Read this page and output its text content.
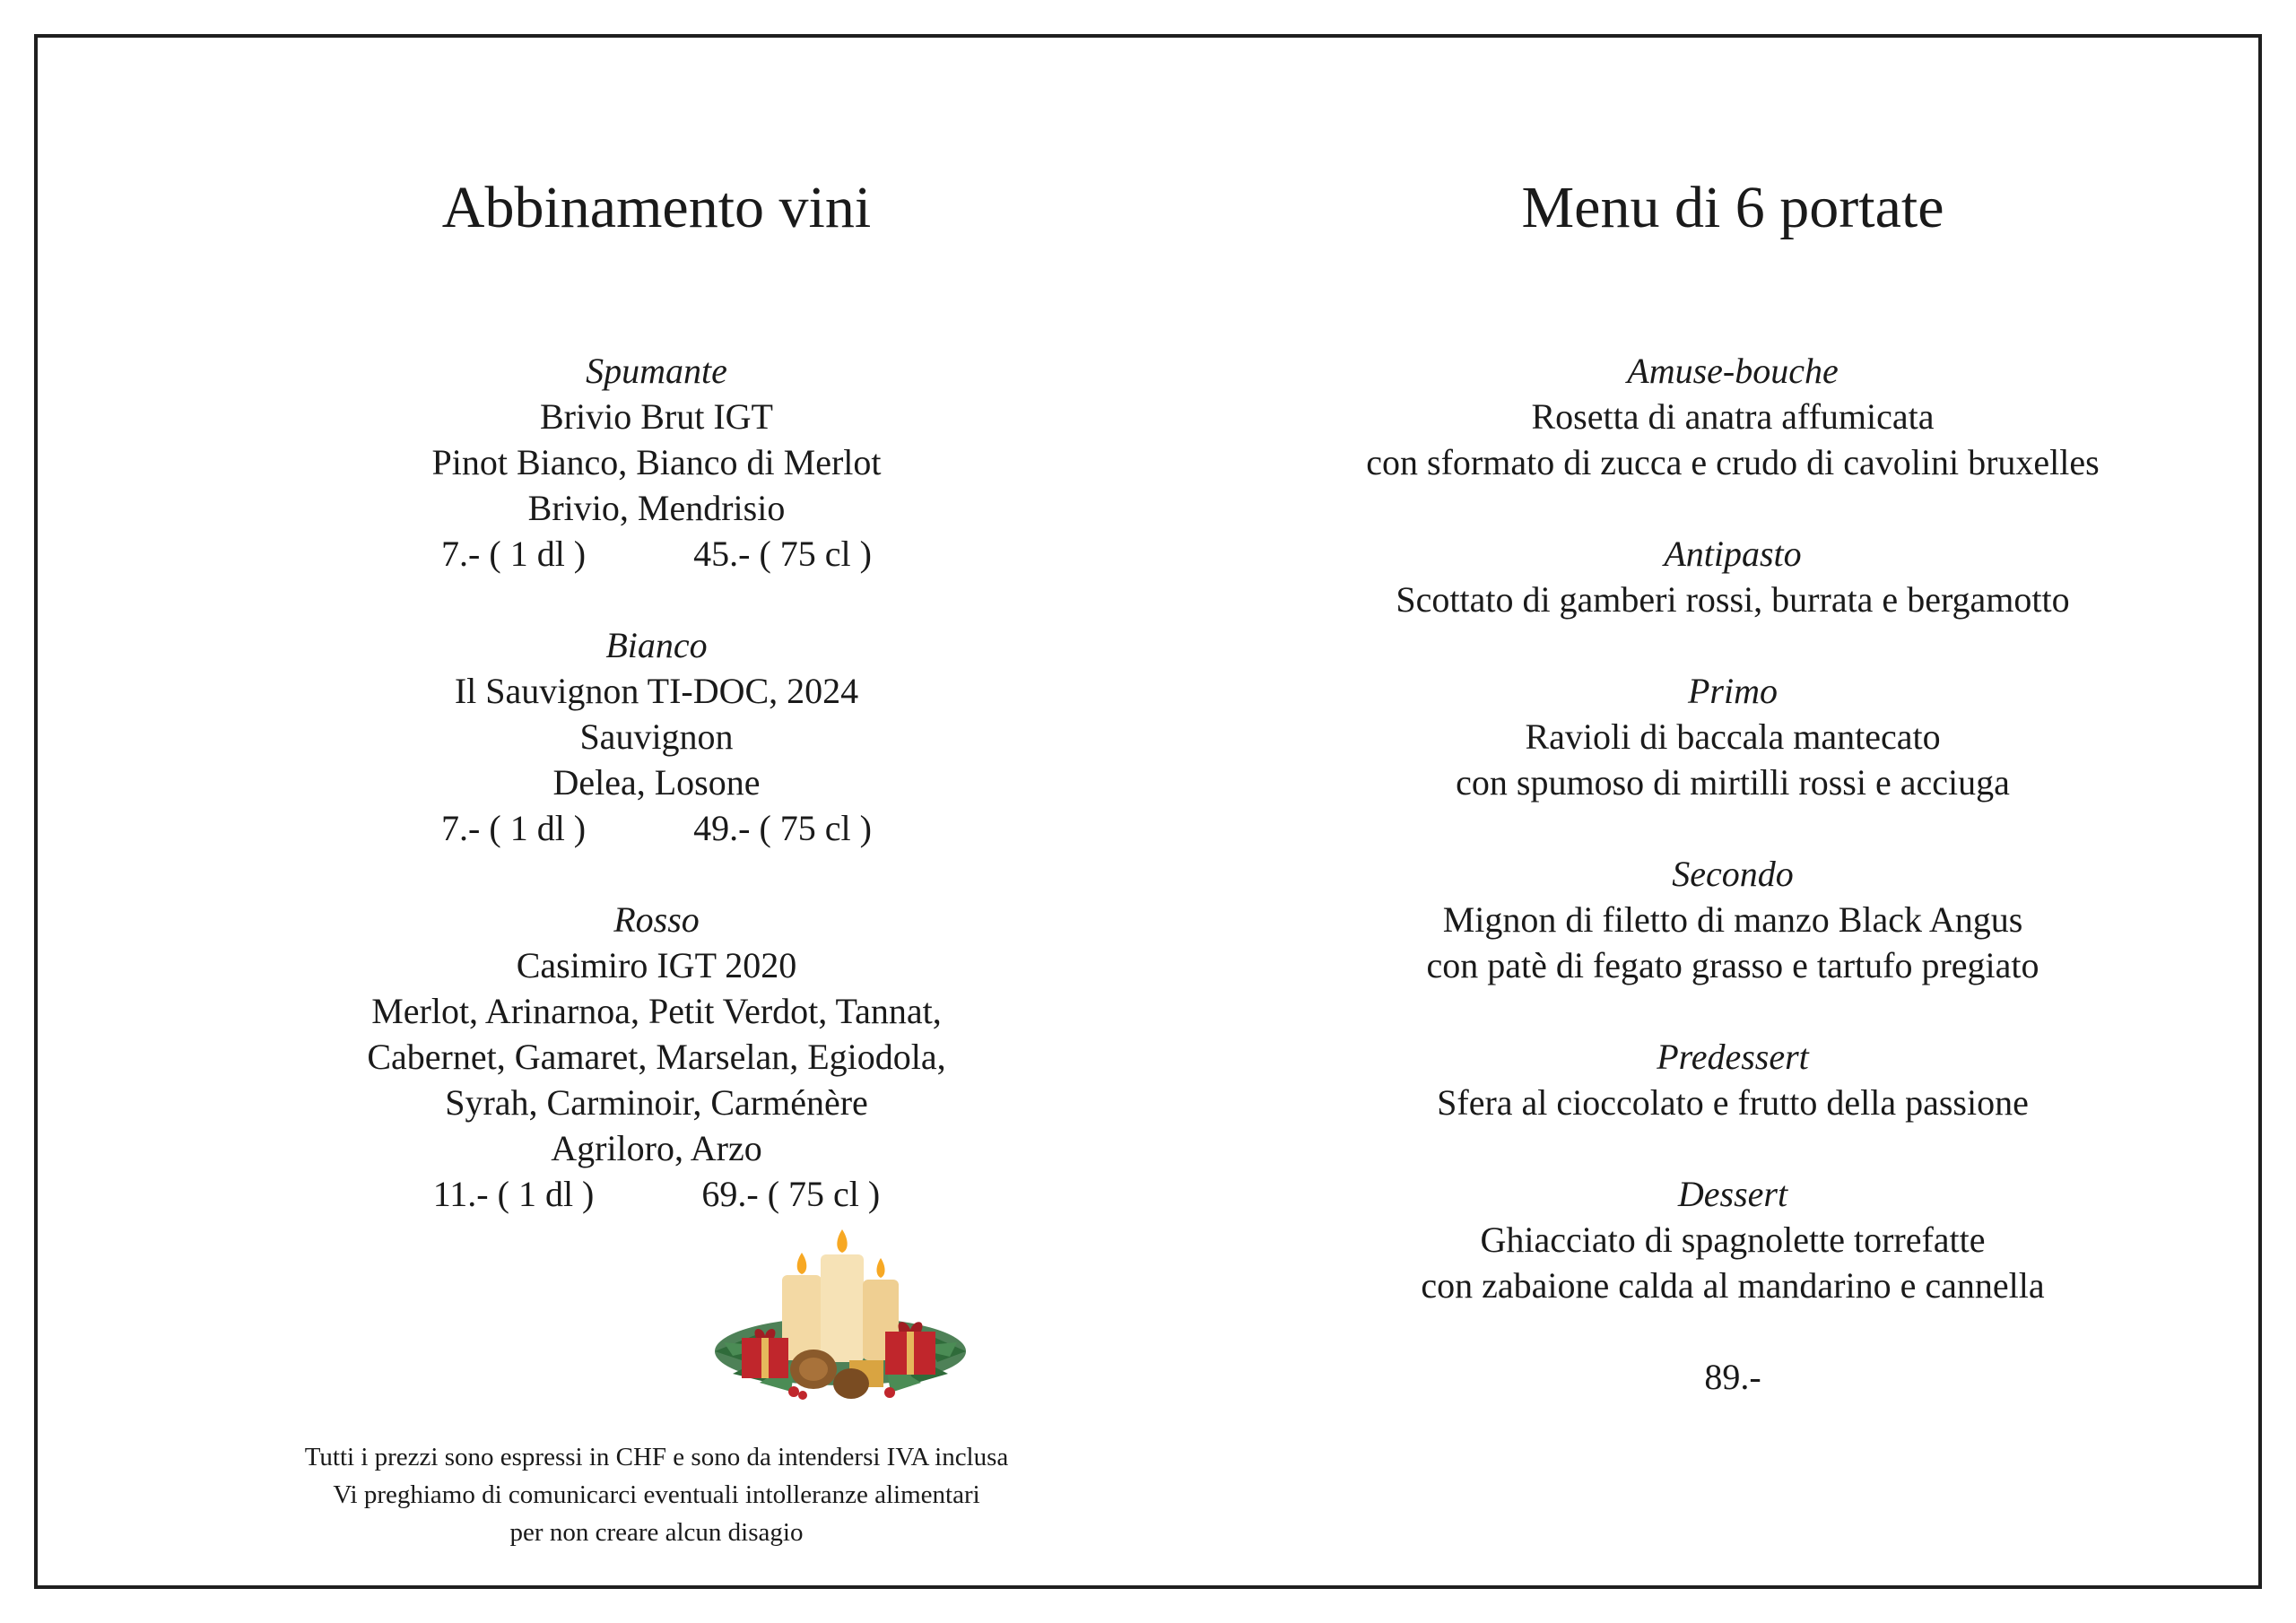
Abbinamento vini
Spumante
Brivio Brut IGT
Pinot Bianco, Bianco di Merlot
Brivio, Mendrisio
7.- ( 1 dl )	45.- ( 75 cl )
Bianco
Il Sauvignon TI-DOC, 2024
Sauvignon
Delea, Losone
7.- ( 1 dl )	49.- ( 75 cl )
Rosso
Casimiro IGT 2020
Merlot, Arinarnoa, Petit Verdot, Tannat,
Cabernet, Gamaret, Marselan, Egiodola,
Syrah, Carminoir, Carménère
Agriloro, Arzo
11.- ( 1 dl )	69.- ( 75 cl )
Tutti i prezzi sono espressi in CHF e sono da intendersi IVA inclusa
Vi preghiamo di comunicarci eventuali intolleranze alimentari
per non creare alcun disagio
Menu di 6 portate
Amuse-bouche
Rosetta di anatra affumicata
con sformato di zucca e crudo di cavolini bruxelles
Antipasto
Scottato di gamberi rossi, burrata e bergamotto
Primo
Ravioli di baccala mantecato
con spumoso di mirtilli rossi e acciuga
Secondo
Mignon di filetto di manzo Black Angus
con patè di fegato grasso e tartufo pregiato
Predessert
Sfera al cioccolato e frutto della passione
Dessert
Ghiacciato di spagnolette torrefatte
con zabaione calda al mandarino e cannella
89.-
